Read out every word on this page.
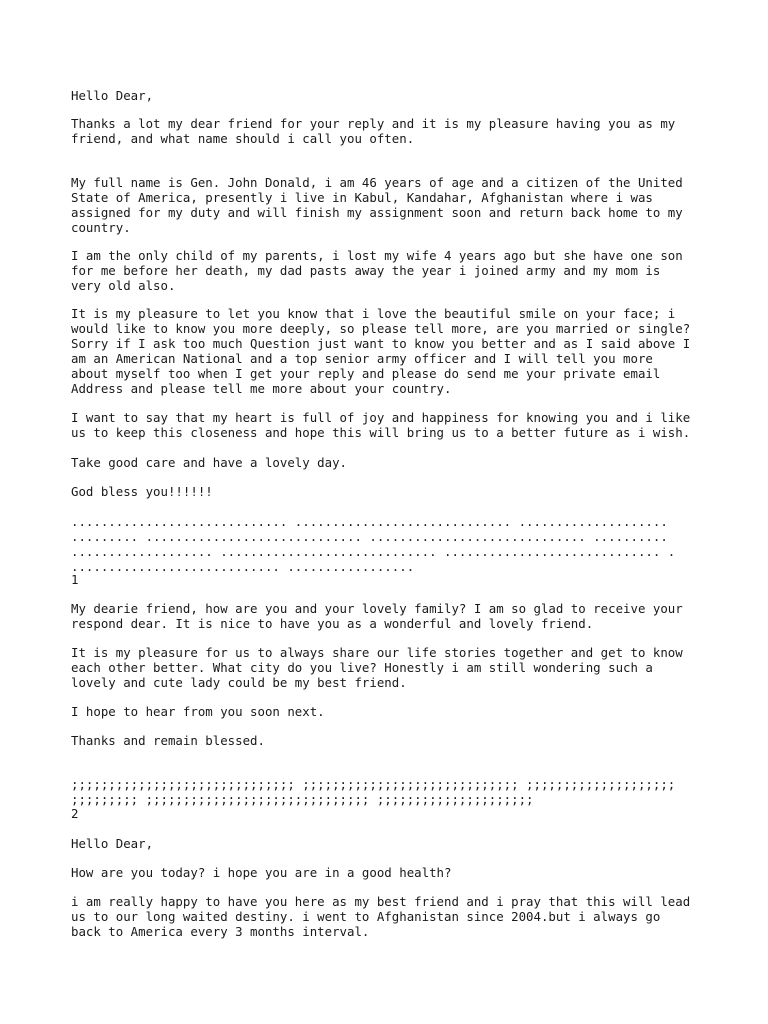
Hello Dear,

Thanks a lot my dear friend for your reply and it is my pleasure having you as my

friend, and what name should i call you often.

My full name is Gen. John Donald, i am 46 years of age and a citizen of the United

State of America, presently i live in Kabul, Kandahar, Afghanistan where i was

assigned for my duty and will finish my assignment soon and return back home to my

country.

I am the only child of my parents, i lost my wife 4 years ago but she have one son

for me before her death, my dad pasts away the year i joined army and my mom is

very old also.

It is my pleasure to let you know that i love the beautiful smile on your face; i

would like to know you more deeply, so please tell more, are you married or single?

Sorry if I ask too much Question just want to know you better and as I said above I

am an American National and a top senior army officer and I will tell you more

about myself too when I get your reply and please do send me your private email

Address and please tell me more about your country.

I want to say that my heart is full of joy and happiness for knowing you and i like

us to keep this closeness and hope this will bring us to a better future as i wish.

Take good care and have a lovely day.

God bless you!!!!!!

............................. ............................. ....................

......... ............................. ............................. ..........

................... ............................. ............................. .

............................ .................

1

My dearie friend, how are you and your lovely family? I am so glad to receive your

respond dear. It is nice to have you as a wonderful and lovely friend.

It is my pleasure for us to always share our life stories together and get to know

each other better. What city do you live? Honestly i am still wondering such a

lovely and cute lady could be my best friend.

I hope to hear from you soon next.

Thanks and remain blessed.

;;;;;;;;;;;;;;;;;;;;;;;;;;;;;; ;;;;;;;;;;;;;;;;;;;;;;;;;;;;; ;;;;;;;;;;;;;;;;;;;;

;;;;;;;;; ;;;;;;;;;;;;;;;;;;;;;;;;;;;;;; ;;;;;;;;;;;;;;;;;;;;;

2

Hello Dear,

How are you today? i hope you are in a good health?

i am really happy to have you here as my best friend and i pray that this will lead

us to our long waited destiny. i went to Afghanistan since 2004.but i always go

back to America every 3 months interval.
